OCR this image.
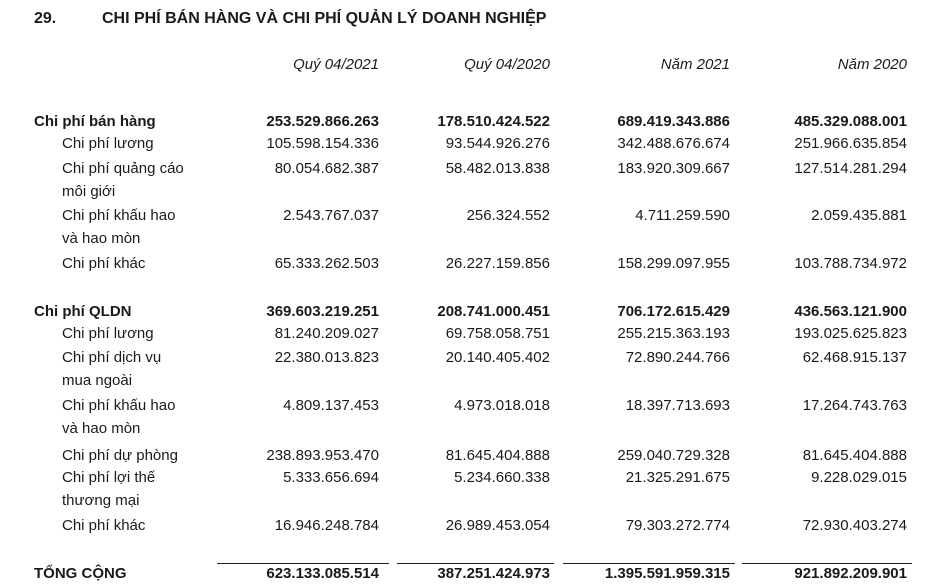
29.	CHI PHÍ BÁN HÀNG VÀ CHI PHÍ QUẢN LÝ DOANH NGHIỆP
Quý 04/2021	Quý 04/2020	Năm 2021	Năm 2020
Chi phí bán hàng	253.529.866.263	178.510.424.522	689.419.343.886	485.329.088.001
Chi phí lương	105.598.154.336	93.544.926.276	342.488.676.674	251.966.635.854
Chi phí quảng cáo
môi giới
80.054.682.387	58.482.013.838	183.920.309.667	127.514.281.294
Chi phí khấu hao
và hao mòn
2.543.767.037	256.324.552	4.711.259.590	2.059.435.881
Chi phí khác	65.333.262.503	26.227.159.856	158.299.097.955	103.788.734.972
Chi phí QLDN	369.603.219.251	208.741.000.451	706.172.615.429	436.563.121.900
Chi phí lương	81.240.209.027	69.758.058.751	255.215.363.193	193.025.625.823
Chi phí dịch vụ
mua ngoài
22.380.013.823	20.140.405.402	72.890.244.766	62.468.915.137
Chi phí khấu hao
và hao mòn
4.809.137.453	4.973.018.018	18.397.713.693	17.264.743.763
Chi phí dự phòng	238.893.953.470	81.645.404.888	259.040.729.328	81.645.404.888
Chi phí lợi thế
thương mại
5.333.656.694	5.234.660.338	21.325.291.675	9.228.029.015
Chi phí khác	16.946.248.784	26.989.453.054	79.303.272.774	72.930.403.274
TỔNG CỘNG	623.133.085.514	387.251.424.973	1.395.591.959.315	921.892.209.901
